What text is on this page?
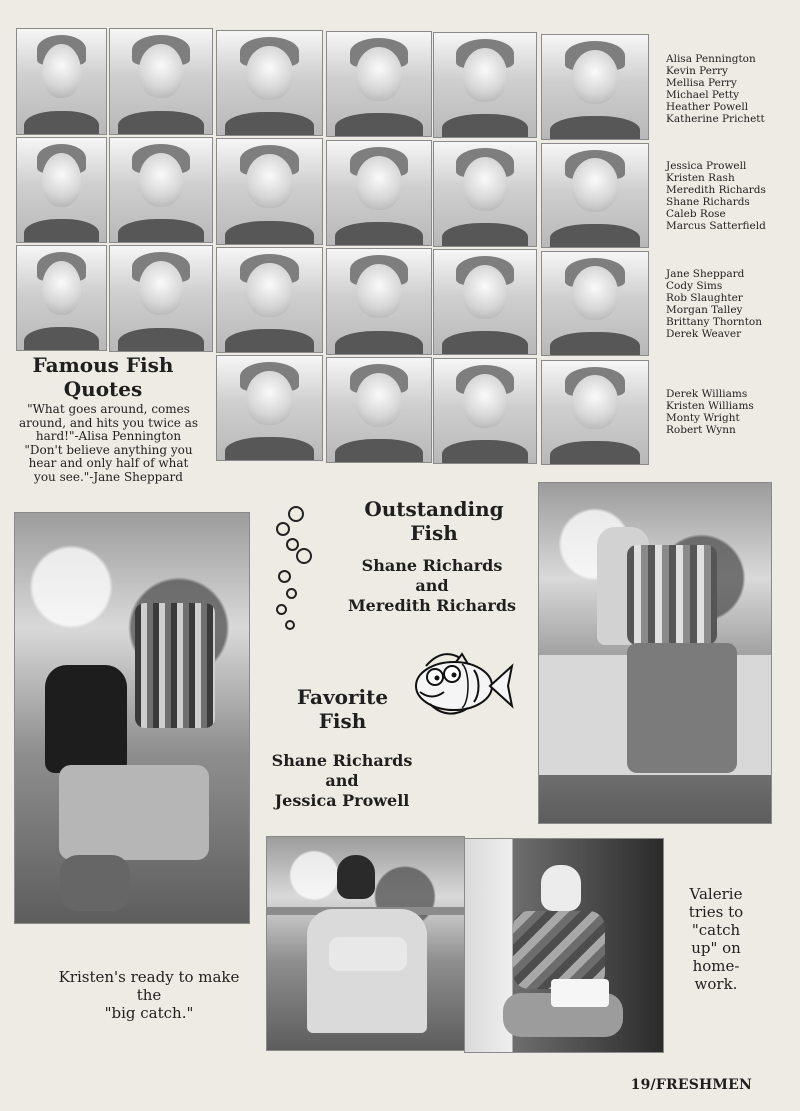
Alisa Pennington
Kevin Perry
Mellisa Perry
Michael Petty
Heather Powell
Katherine Prichett
Jessica Prowell
Kristen Rash
Meredith Richards
Shane Richards
Caleb Rose
Marcus Satterfield
Jane Sheppard
Cody Sims
Rob Slaughter
Morgan Talley
Brittany Thornton
Derek Weaver
Derek Williams
Kristen Williams
Monty Wright
Robert Wynn
Famous Fish
Quotes
"What goes around, comes
around, and hits you twice as
hard!"-Alisa Pennington
"Don't believe anything you
hear and only half of what
you see."-Jane Sheppard
Outstanding
Fish
Shane Richards
and
Meredith Richards
Favorite
Fish
Shane Richards
and
Jessica Prowell
Kristen's ready to make
the
"big catch."
Valerie
tries to
"catch
up" on
home-
work.
19/FRESHMEN
